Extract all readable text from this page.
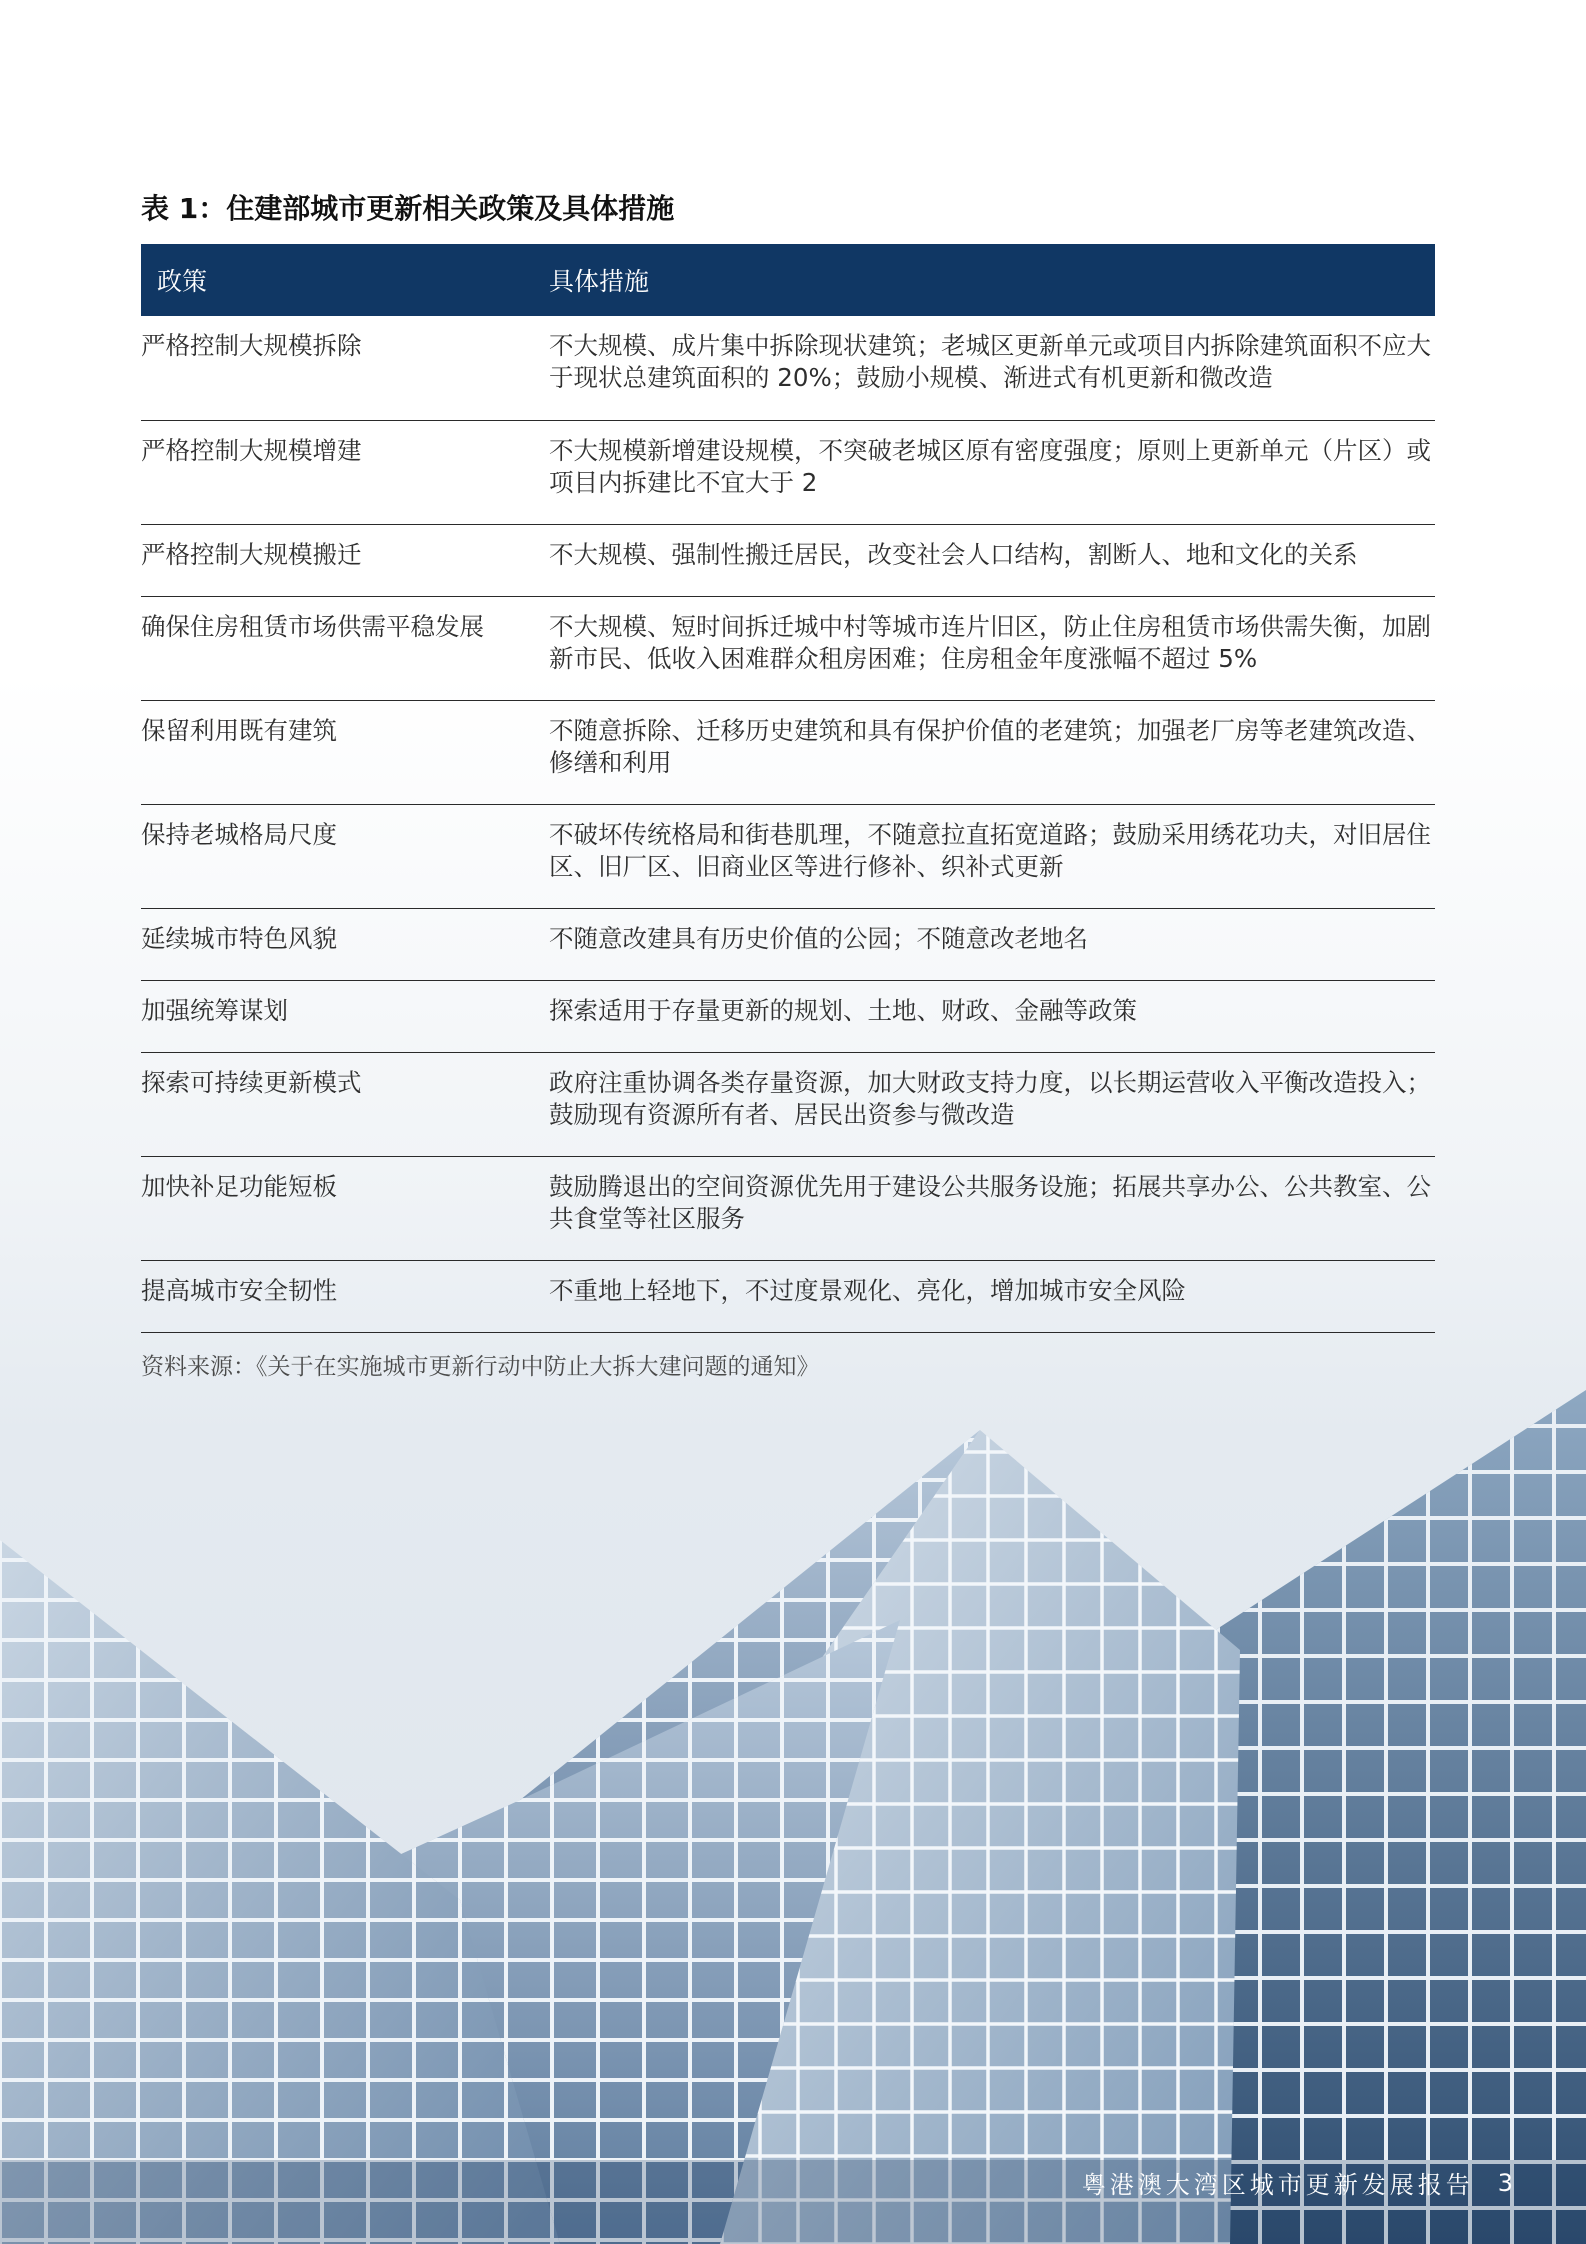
表 1：住建部城市更新相关政策及具体措施
政策	具体措施
严格控制大规模拆除	不大规模、成片集中拆除现状建筑；老城区更新单元或项目内拆除建筑面积不应大于现状总建筑面积的 20%；鼓励小规模、渐进式有机更新和微改造
严格控制大规模增建	不大规模新增建设规模，不突破老城区原有密度强度；原则上更新单元（片区）或项目内拆建比不宜大于 2
严格控制大规模搬迁	不大规模、强制性搬迁居民，改变社会人口结构，割断人、地和文化的关系
确保住房租赁市场供需平稳发展	不大规模、短时间拆迁城中村等城市连片旧区，防止住房租赁市场供需失衡，加剧新市民、低收入困难群众租房困难；住房租金年度涨幅不超过 5%
保留利用既有建筑	不随意拆除、迁移历史建筑和具有保护价值的老建筑；加强老厂房等老建筑改造、修缮和利用
保持老城格局尺度	不破坏传统格局和街巷肌理，不随意拉直拓宽道路；鼓励采用绣花功夫，对旧居住区、旧厂区、旧商业区等进行修补、织补式更新
延续城市特色风貌	不随意改建具有历史价值的公园；不随意改老地名
加强统筹谋划	探索适用于存量更新的规划、土地、财政、金融等政策
探索可持续更新模式	政府注重协调各类存量资源，加大财政支持力度，以长期运营收入平衡改造投入；鼓励现有资源所有者、居民出资参与微改造
加快补足功能短板	鼓励腾退出的空间资源优先用于建设公共服务设施；拓展共享办公、公共教室、公共食堂等社区服务
提高城市安全韧性	不重地上轻地下，不过度景观化、亮化，增加城市安全风险
资料来源：《关于在实施城市更新行动中防止大拆大建问题的通知》
粤港澳大湾区城市更新发展报告 3
